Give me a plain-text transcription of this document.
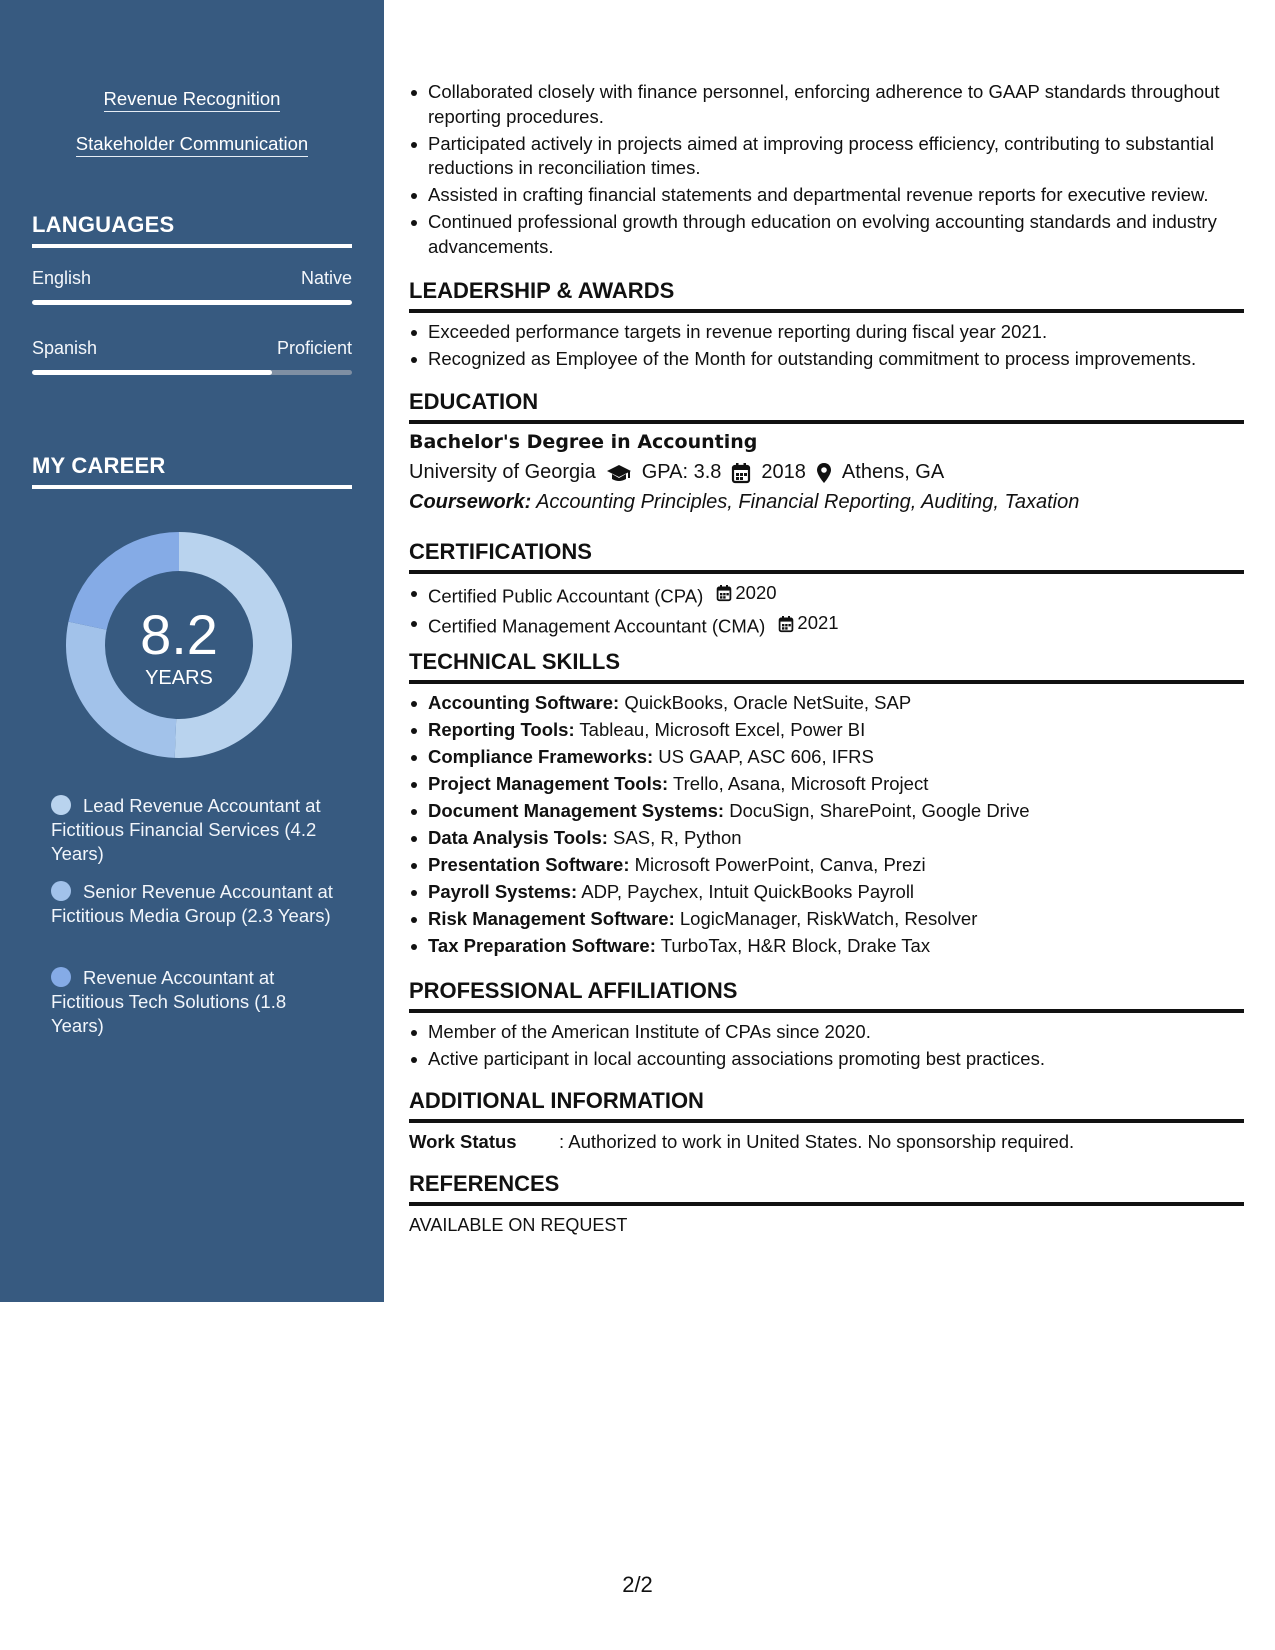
Revenue Recognition
Stakeholder Communication
LANGUAGES
English	Native
Spanish	Proficient
MY CAREER
8.2
YEARS
Lead Revenue Accountant at Fictitious Financial Services (4.2 Years)
Senior Revenue Accountant at Fictitious Media Group (2.3 Years)
Revenue Accountant at Fictitious Tech Solutions (1.8 Years)
Collaborated closely with finance personnel, enforcing adherence to GAAP standards throughout reporting procedures.
Participated actively in projects aimed at improving process efficiency, contributing to substantial reductions in reconciliation times.
Assisted in crafting financial statements and departmental revenue reports for executive review.
Continued professional growth through education on evolving accounting standards and industry advancements.
LEADERSHIP & AWARDS
Exceeded performance targets in revenue reporting during fiscal year 2021.
Recognized as Employee of the Month for outstanding commitment to process improvements.
EDUCATION
Bachelor's Degree in Accounting
University of Georgia GPA: 3.8 2018 Athens, GA
Coursework: Accounting Principles, Financial Reporting, Auditing, Taxation
CERTIFICATIONS
Certified Public Accountant (CPA) 2020
Certified Management Accountant (CMA) 2021
TECHNICAL SKILLS
Accounting Software: QuickBooks, Oracle NetSuite, SAP
Reporting Tools: Tableau, Microsoft Excel, Power BI
Compliance Frameworks: US GAAP, ASC 606, IFRS
Project Management Tools: Trello, Asana, Microsoft Project
Document Management Systems: DocuSign, SharePoint, Google Drive
Data Analysis Tools: SAS, R, Python
Presentation Software: Microsoft PowerPoint, Canva, Prezi
Payroll Systems: ADP, Paychex, Intuit QuickBooks Payroll
Risk Management Software: LogicManager, RiskWatch, Resolver
Tax Preparation Software: TurboTax, H&R Block, Drake Tax
PROFESSIONAL AFFILIATIONS
Member of the American Institute of CPAs since 2020.
Active participant in local accounting associations promoting best practices.
ADDITIONAL INFORMATION
Work Status	: Authorized to work in United States. No sponsorship required.
REFERENCES
AVAILABLE ON REQUEST
2/2
